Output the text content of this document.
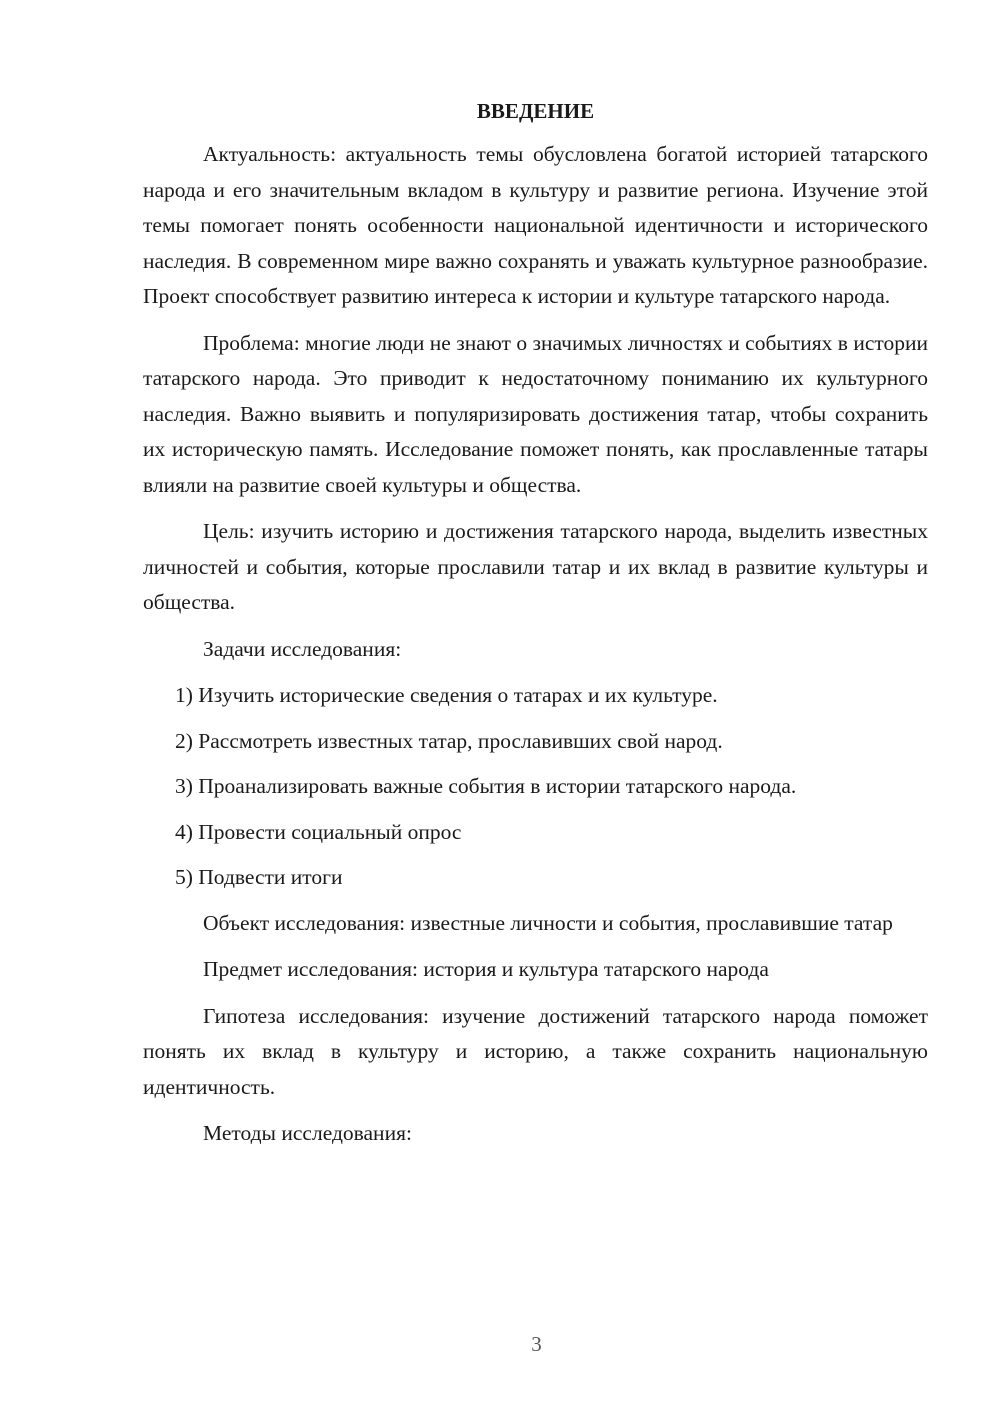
ВВЕДЕНИЕ

Актуальность: актуальность темы обусловлена богатой историей татарского народа и его значительным вкладом в культуру и развитие региона. Изучение этой темы помогает понять особенности национальной идентичности и исторического наследия. В современном мире важно сохранять и уважать культурное разнообразие. Проект способствует развитию интереса к истории и культуре татарского народа.

Проблема: многие люди не знают о значимых личностях и событиях в истории татарского народа. Это приводит к недостаточному пониманию их культурного наследия. Важно выявить и популяризировать достижения татар, чтобы сохранить их историческую память. Исследование поможет понять, как прославленные татары влияли на развитие своей культуры и общества.

Цель: изучить историю и достижения татарского народа, выделить известных личностей и события, которые прославили татар и их вклад в развитие культуры и общества.

Задачи исследования:

1) Изучить исторические сведения о татарах и их культуре.
2) Рассмотреть известных татар, прославивших свой народ.
3) Проанализировать важные события в истории татарского народа.
4) Провести социальный опрос
5) Подвести итоги

Объект исследования: известные личности и события, прославившие татар

Предмет исследования: история и культура татарского народа

Гипотеза исследования: изучение достижений татарского народа поможет понять их вклад в культуру и историю, а также сохранить национальную идентичность.

Методы исследования:

3
